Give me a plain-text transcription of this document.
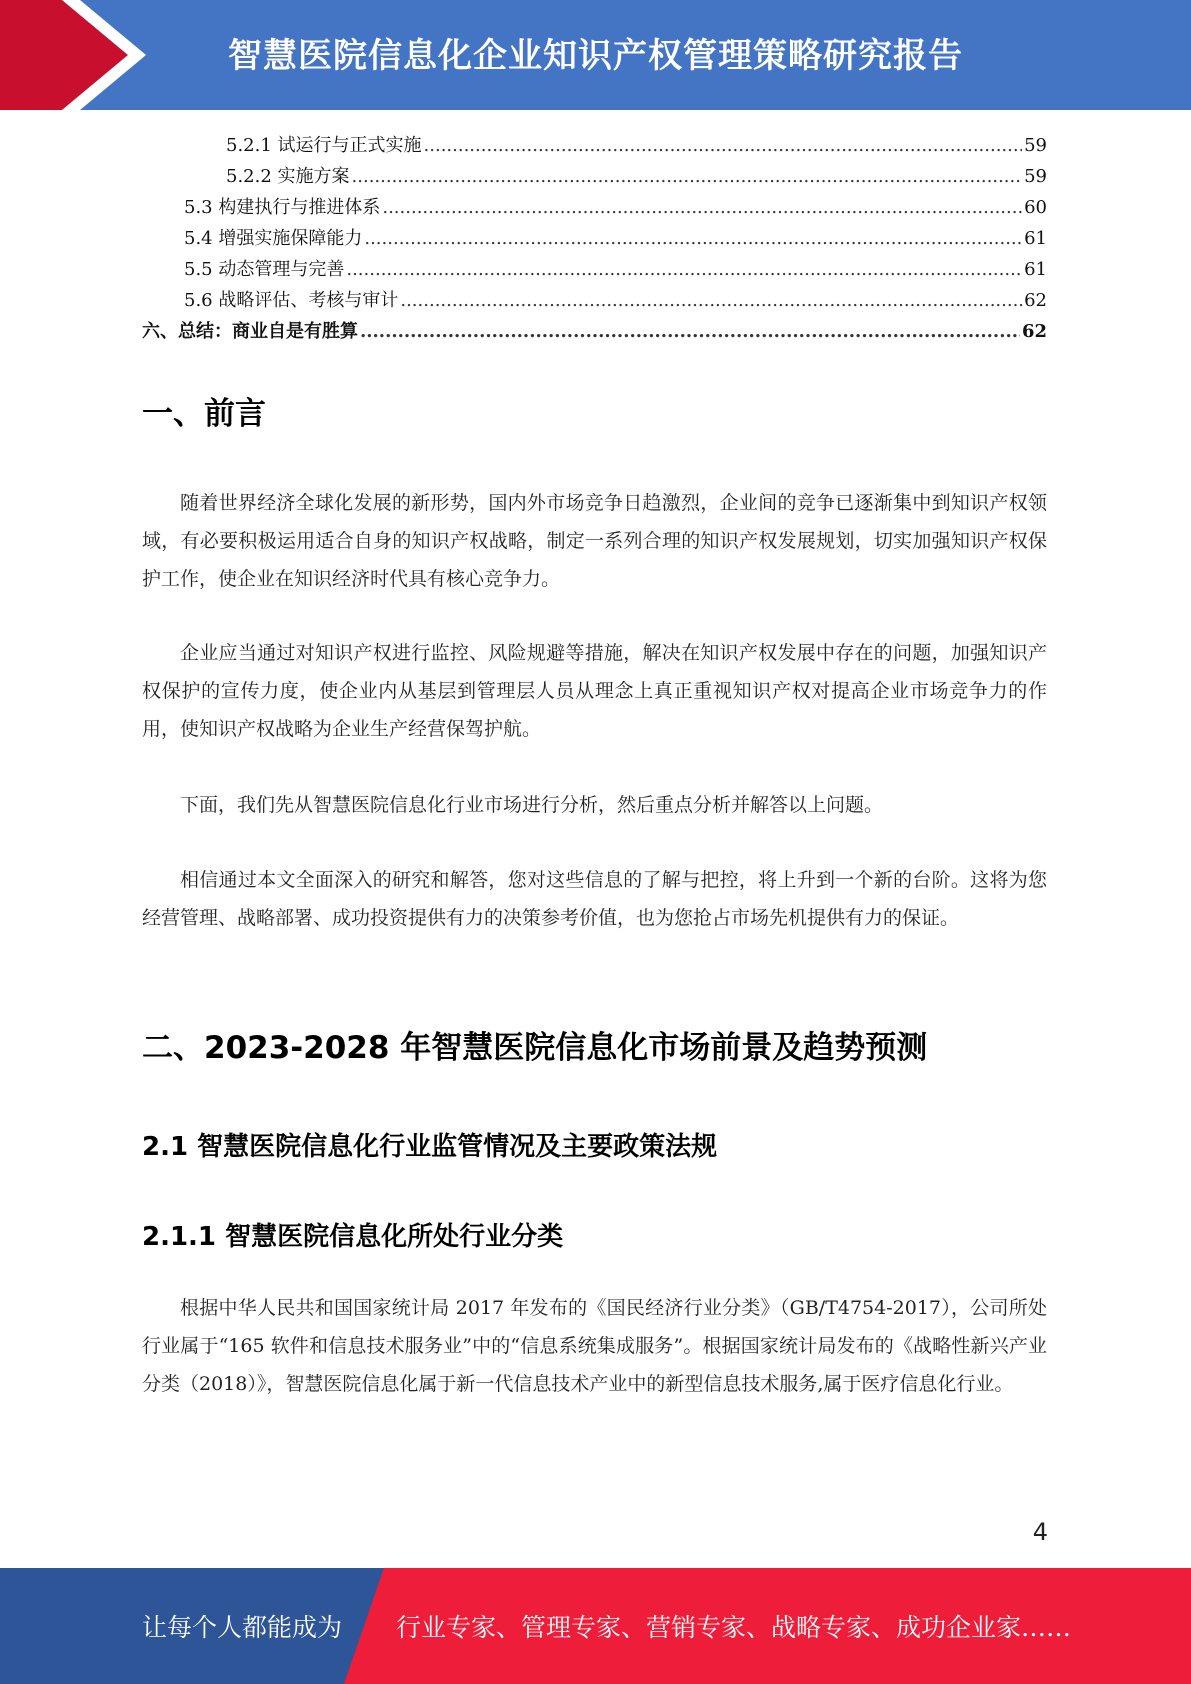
智慧医院信息化企业知识产权管理策略研究报告
5.2.1 试运行与正式实施 .....	59
5.2.2 实施方案 .....	59
5.3 构建执行与推进体系 .....	60
5.4 增强实施保障能力 .....	61
5.5 动态管理与完善 .....	61
5.6 战略评估、考核与审计 .....	62
六、总结：商业自是有胜算 .....	62
一、前言

随着世界经济全球化发展的新形势，国内外市场竞争日趋激烈，企业间的竞争已逐渐集中到知识产权领域，有必要积极运用适合自身的知识产权战略，制定一系列合理的知识产权发展规划，切实加强知识产权保护工作，使企业在知识经济时代具有核心竞争力。

企业应当通过对知识产权进行监控、风险规避等措施，解决在知识产权发展中存在的问题，加强知识产权保护的宣传力度，使企业内从基层到管理层人员从理念上真正重视知识产权对提高企业市场竞争力的作用，使知识产权战略为企业生产经营保驾护航。

下面，我们先从智慧医院信息化行业市场进行分析，然后重点分析并解答以上问题。

相信通过本文全面深入的研究和解答，您对这些信息的了解与把控，将上升到一个新的台阶。这将为您经营管理、战略部署、成功投资提供有力的决策参考价值，也为您抢占市场先机提供有力的保证。

二、2023-2028 年智慧医院信息化市场前景及趋势预测
2.1 智慧医院信息化行业监管情况及主要政策法规
2.1.1 智慧医院信息化所处行业分类

根据中华人民共和国国家统计局 2017 年发布的《国民经济行业分类》（GB/T4754-2017），公司所处行业属于“165 软件和信息技术服务业”中的“信息系统集成服务”。根据国家统计局发布的《战略性新兴产业分类（2018）》，智慧医院信息化属于新一代信息技术产业中的新型信息技术服务,属于医疗信息化行业。

4
让每个人都能成为 行业专家、管理专家、营销专家、战略专家、成功企业家……
